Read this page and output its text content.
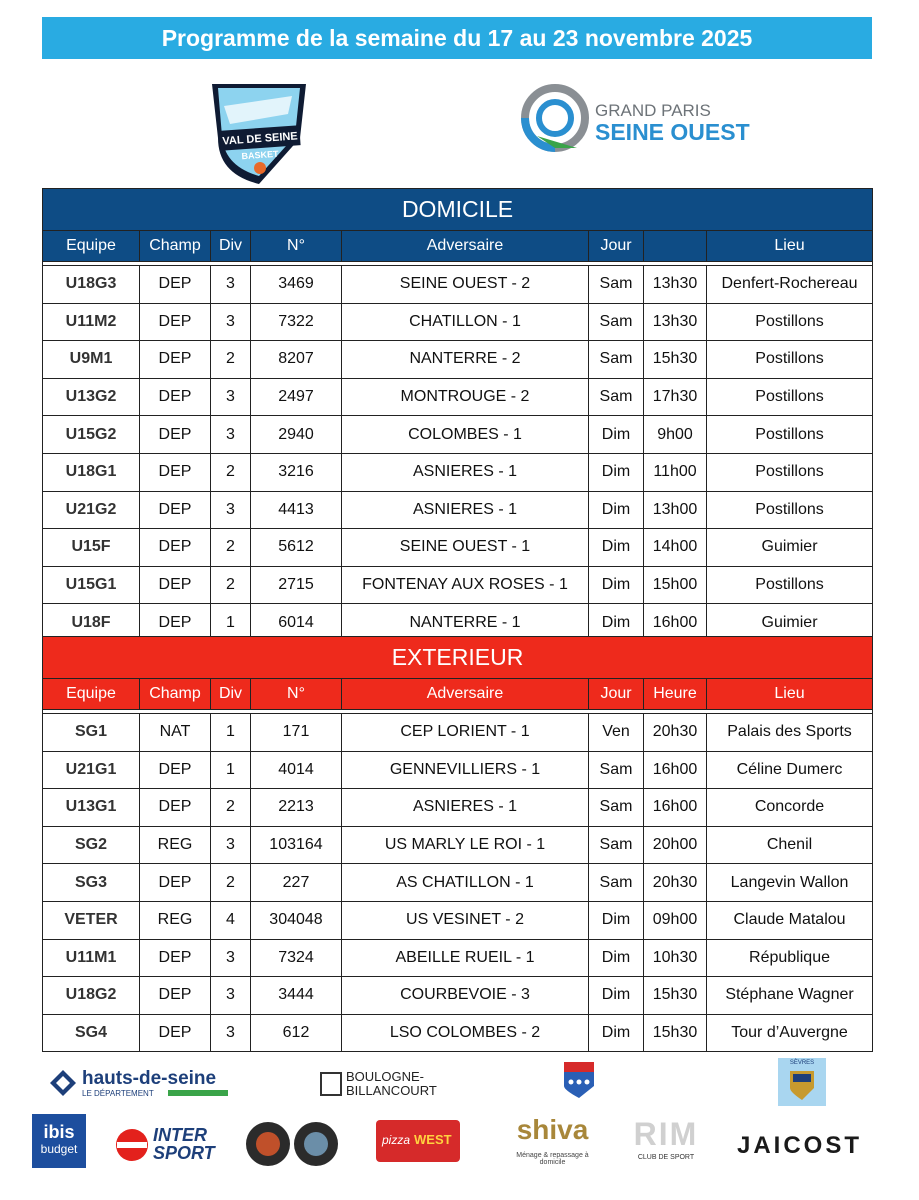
Programme de la semaine du 17 au 23 novembre 2025
VAL DE SEINE
BASKET
GRAND PARIS
SEINE OUEST
DOMICILE							
Equipe	Champ	Div	N°	Adversaire	Jour		Lieu

U18G3	DEP	3	3469	SEINE OUEST - 2	Sam	13h30	Denfert-Rochereau
U11M2	DEP	3	7322	CHATILLON - 1	Sam	13h30	Postillons
U9M1	DEP	2	8207	NANTERRE - 2	Sam	15h30	Postillons
U13G2	DEP	3	2497	MONTROUGE - 2	Sam	17h30	Postillons
U15G2	DEP	3	2940	COLOMBES - 1	Dim	9h00	Postillons
U18G1	DEP	2	3216	ASNIERES - 1	Dim	11h00	Postillons
U21G2	DEP	3	4413	ASNIERES - 1	Dim	13h00	Postillons
U15F	DEP	2	5612	SEINE OUEST - 1	Dim	14h00	Guimier
U15G1	DEP	2	2715	FONTENAY AUX ROSES - 1	Dim	15h00	Postillons
U18F	DEP	1	6014	NANTERRE - 1	Dim	16h00	Guimier
EXTERIEUR							
Equipe	Champ	Div	N°	Adversaire	Jour	Heure	Lieu

SG1	NAT	1	171	CEP LORIENT - 1	Ven	20h30	Palais des Sports
U21G1	DEP	1	4014	GENNEVILLIERS - 1	Sam	16h00	Céline Dumerc
U13G1	DEP	2	2213	ASNIERES - 1	Sam	16h00	Concorde
SG2	REG	3	103164	US MARLY LE ROI - 1	Sam	20h00	Chenil
SG3	DEP	2	227	AS CHATILLON - 1	Sam	20h30	Langevin Wallon
VETER	REG	4	304048	US VESINET - 2	Dim	09h00	Claude Matalou
U11M1	DEP	3	7324	ABEILLE RUEIL - 1	Dim	10h30	République
U18G2	DEP	3	3444	COURBEVOIE - 3	Dim	15h30	Stéphane Wagner
SG4	DEP	3	612	LSO COLOMBES - 2	Dim	15h30	Tour d’Auvergne
hauts-de-seine
LE DÉPARTEMENT
BOULOGNE-
BILLANCOURT
SÈVRES
ibis
budget
INTER
SPORT
pizza WEST	shiva
Ménage & repassage à domicile
RIM
CLUB DE SPORT	JAICOST
